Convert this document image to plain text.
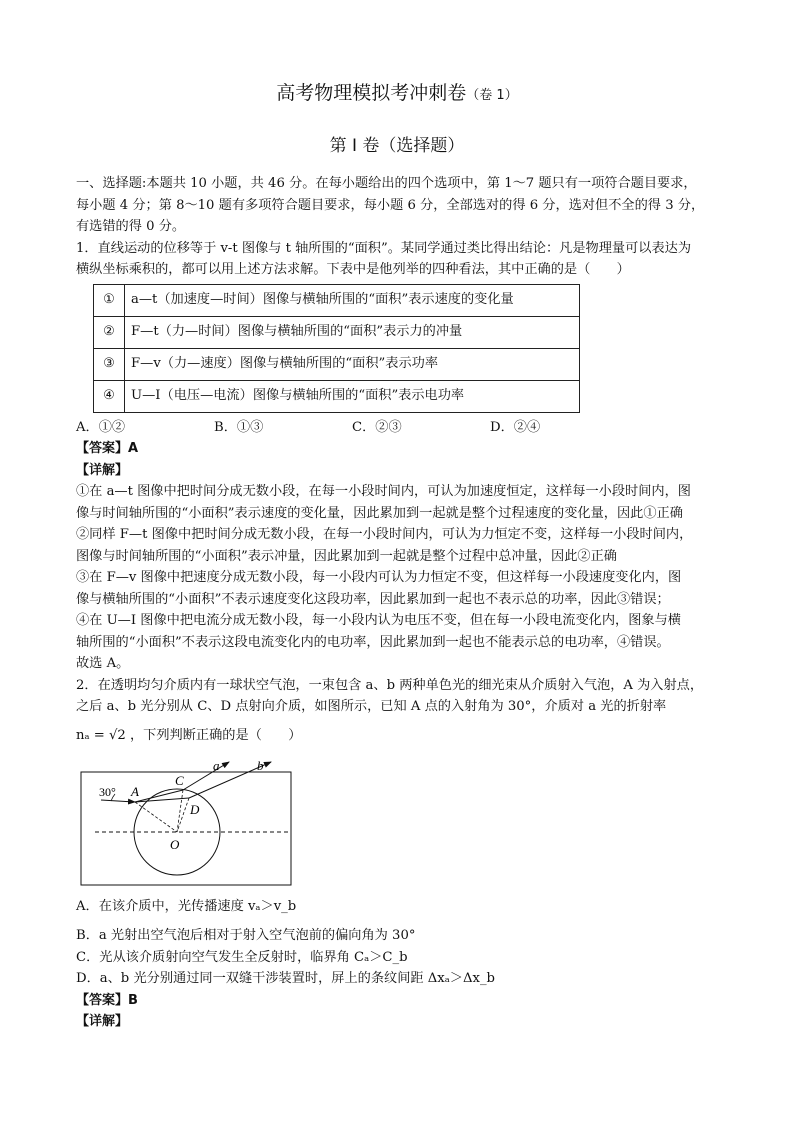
高考物理模拟考冲刺卷（卷 1）
第 I 卷（选择题）

一、选择题:本题共 10 小题，共 46 分。在每小题给出的四个选项中，第 1～7 题只有一项符合题目要求，

每小题 4 分；第 8～10 题有多项符合题目要求，每小题 6 分，全部选对的得 6 分，选对但不全的得 3 分，

有选错的得 0 分。

1．直线运动的位移等于 v-t 图像与 t 轴所围的“面积”。某同学通过类比得出结论：凡是物理量可以表达为

横纵坐标乘积的，都可以用上述方法求解。下表中是他列举的四种看法，其中正确的是（　　）

①	a—t（加速度—时间）图像与横轴所围的“面积”表示速度的变化量
②	F—t（力—时间）图像与横轴所围的“面积”表示力的冲量
③	F—v（力—速度）图像与横轴所围的“面积”表示功率
④	U—I（电压—电流）图像与横轴所围的“面积”表示电功率

A．①②	B．①③	C．②③	D．②④

【答案】A

【详解】

①在 a—t 图像中把时间分成无数小段，在每一小段时间内，可认为加速度恒定，这样每一小段时间内，图

像与时间轴所围的“小面积”表示速度的变化量，因此累加到一起就是整个过程速度的变化量，因此①正确

②同样 F—t 图像中把时间分成无数小段，在每一小段时间内，可认为力恒定不变，这样每一小段时间内，

图像与时间轴所围的“小面积”表示冲量，因此累加到一起就是整个过程中总冲量，因此②正确

③在 F—v 图像中把速度分成无数小段，每一小段内可认为力恒定不变，但这样每一小段速度变化内，图

像与横轴所围的“小面积”不表示速度变化这段功率，因此累加到一起也不表示总的功率，因此③错误；

④在 U—I 图像中把电流分成无数小段，每一小段内认为电压不变，但在每一小段电流变化内，图象与横

轴所围的“小面积”不表示这段电流变化内的电功率，因此累加到一起也不能表示总的电功率，④错误。

故选 A。

2．在透明均匀介质内有一球状空气泡，一束包含 a、b 两种单色光的细光束从介质射入气泡，A 为入射点，

之后 a、b 光分别从 C、D 点射向介质，如图所示，已知 A 点的入射角为 30°，介质对 a 光的折射率

nₐ = √2 ，下列判断正确的是（　　）

30° A
C
D
O
a	b

A．在该介质中，光传播速度 vₐ＞v_b

B．a 光射出空气泡后相对于射入空气泡前的偏向角为 30°

C．光从该介质射向空气发生全反射时，临界角 Cₐ＞C_b

D．a、b 光分别通过同一双缝干涉装置时，屏上的条纹间距 Δxₐ＞Δx_b

【答案】B

【详解】
